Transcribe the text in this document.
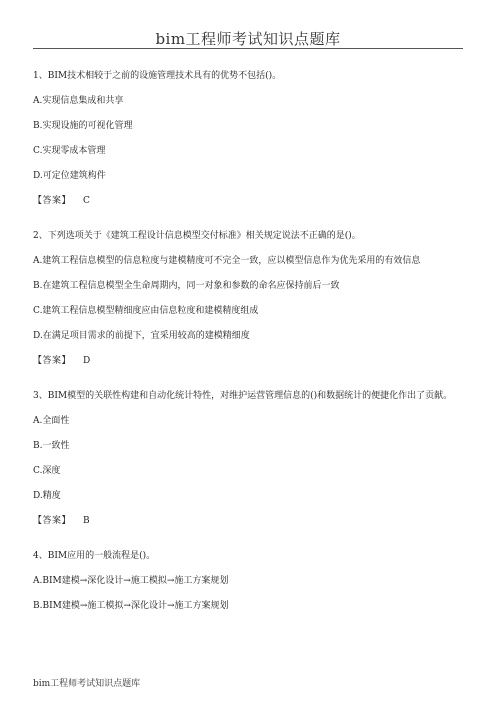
bim工程师考试知识点题库
1、BIM技术相较于之前的设施管理技术具有的优势不包括()。
A.实现信息集成和共享
B.实现设施的可视化管理
C.实现零成本管理
D.可定位建筑构件
【答案】 C
2、下列选项关于《建筑工程设计信息模型交付标准》相关规定说法不正确的是()。
A.建筑工程信息模型的信息粒度与建模精度可不完全一致，应以模型信息作为优先采用的有效信息
B.在建筑工程信息模型全生命周期内，同一对象和参数的命名应保持前后一致
C.建筑工程信息模型精细度应由信息粒度和建模精度组成
D.在满足项目需求的前提下，宜采用较高的建模精细度
【答案】 D
3、BIM模型的关联性构建和自动化统计特性，对维护运营管理信息的()和数据统计的便捷化作出了贡献。
A.全面性
B.一致性
C.深度
D.精度
【答案】 B
4、BIM应用的一般流程是()。
A.BIM建模→深化设计→施工模拟→施工方案规划
B.BIM建模→施工模拟→深化设计→施工方案规划
bim工程师考试知识点题库
